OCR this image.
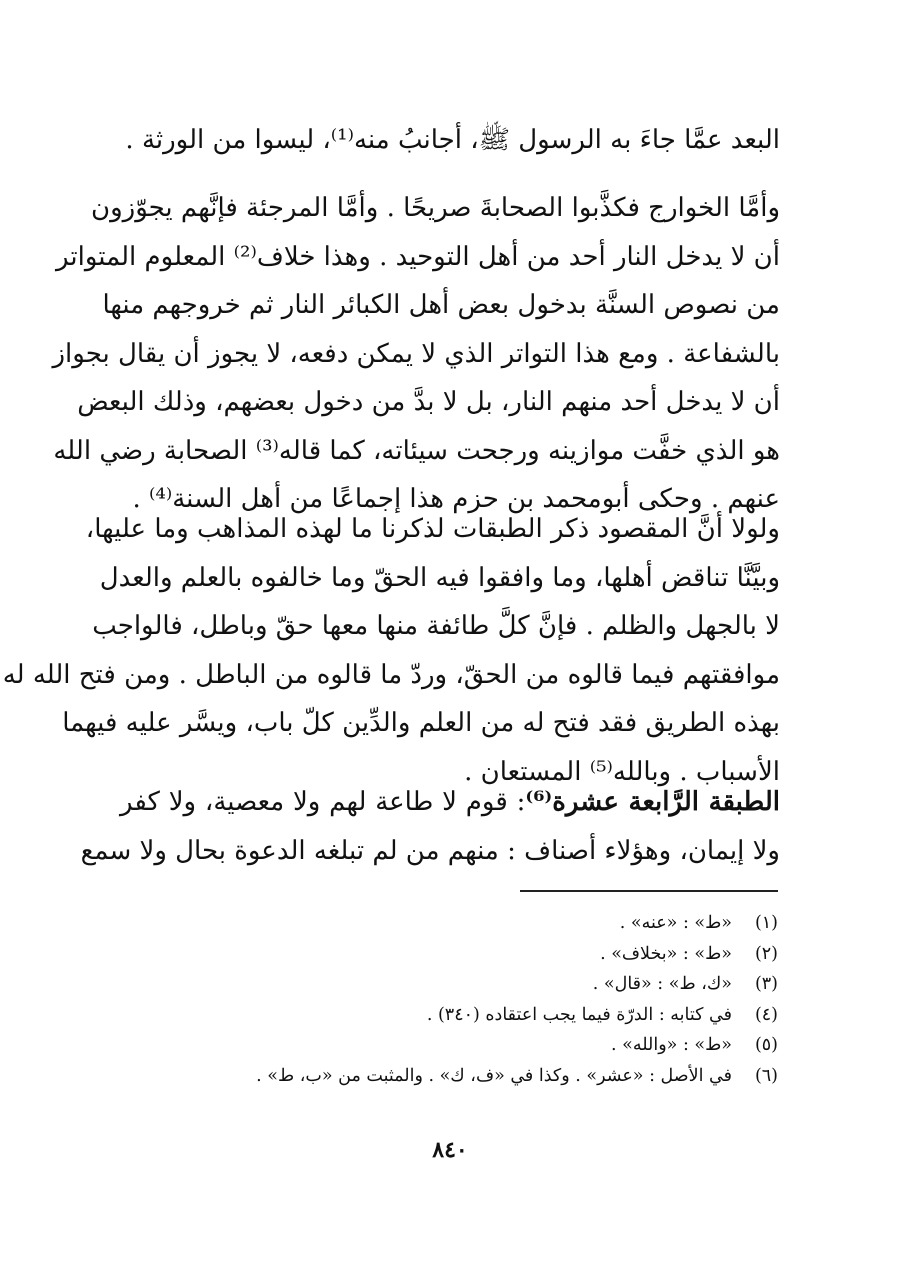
البعد عمَّا جاءَ به الرسول ﷺ، أجانبُ منه⁽¹⁾، ليسوا من الورثة .
وأمَّا الخوارج فكذَّبوا الصحابةَ صريحًا . وأمَّا المرجئة فإنَّهم يجوّزون
أن لا يدخل النار أحد من أهل التوحيد . وهذا خلاف⁽²⁾ المعلوم المتواتر
من نصوص السنَّة بدخول بعض أهل الكبائر النار ثم خروجهم منها
بالشفاعة . ومع هذا التواتر الذي لا يمكن دفعه، لا يجوز أن يقال بجواز
أن لا يدخل أحد منهم النار، بل لا بدَّ من دخول بعضهم، وذلك البعض
هو الذي خفَّت موازينه ورجحت سيئاته، كما قاله⁽³⁾ الصحابة رضي الله
عنهم . وحكى أبومحمد بن حزم هذا إجماعًا من أهل السنة⁽⁴⁾ .
ولولا أنَّ المقصود ذكر الطبقات لذكرنا ما لهذه المذاهب وما عليها،
وبيَّنَّا تناقض أهلها، وما وافقوا فيه الحقّ وما خالفوه بالعلم والعدل
لا بالجهل والظلم . فإنَّ كلَّ طائفة منها معها حقّ وباطل، فالواجب
موافقتهم فيما قالوه من الحقّ، وردّ ما قالوه من الباطل . ومن فتح الله له
بهذه الطريق فقد فتح له من العلم والدِّين كلّ باب، ويسَّر عليه فيهما
الأسباب . وبالله⁽⁵⁾ المستعان .
الطبقة الرَّابعة عشرة⁽⁶⁾: قوم لا طاعة لهم ولا معصية، ولا كفر
ولا إيمان، وهؤلاء أصناف : منهم من لم تبلغه الدعوة بحال ولا سمع
(١)
«ط» : «عنه» .
(٢)
«ط» : «بخلاف» .
(٣)
«ك، ط» : «قال» .
(٤)
في كتابه : الدرّة فيما يجب اعتقاده (٣٤٠) .
(٥)
«ط» : «والله» .
(٦)
في الأصل : «عشر» . وكذا في «ف، ك» . والمثبت من «ب، ط» .
٨٤٠
